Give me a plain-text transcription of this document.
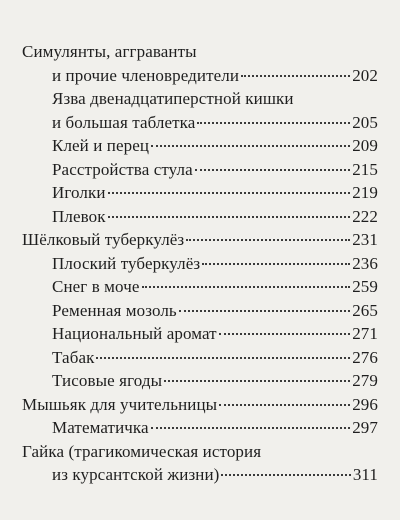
Симулянты, агграванты
и прочие членовредители	202
Язва двенадцатиперстной кишки
и большая таблетка	205
Клей и перец	209
Расстройства стула	215
Иголки	219
Плевок	222
Шёлковый туберкулёз	231
Плоский туберкулёз	236
Снег в моче	259
Ременная мозоль	265
Национальный аромат	271
Табак	276
Тисовые ягоды	279
Мышьяк для учительницы	296
Математичка	297
Гайка (трагикомическая история
из курсантской жизни)	311
